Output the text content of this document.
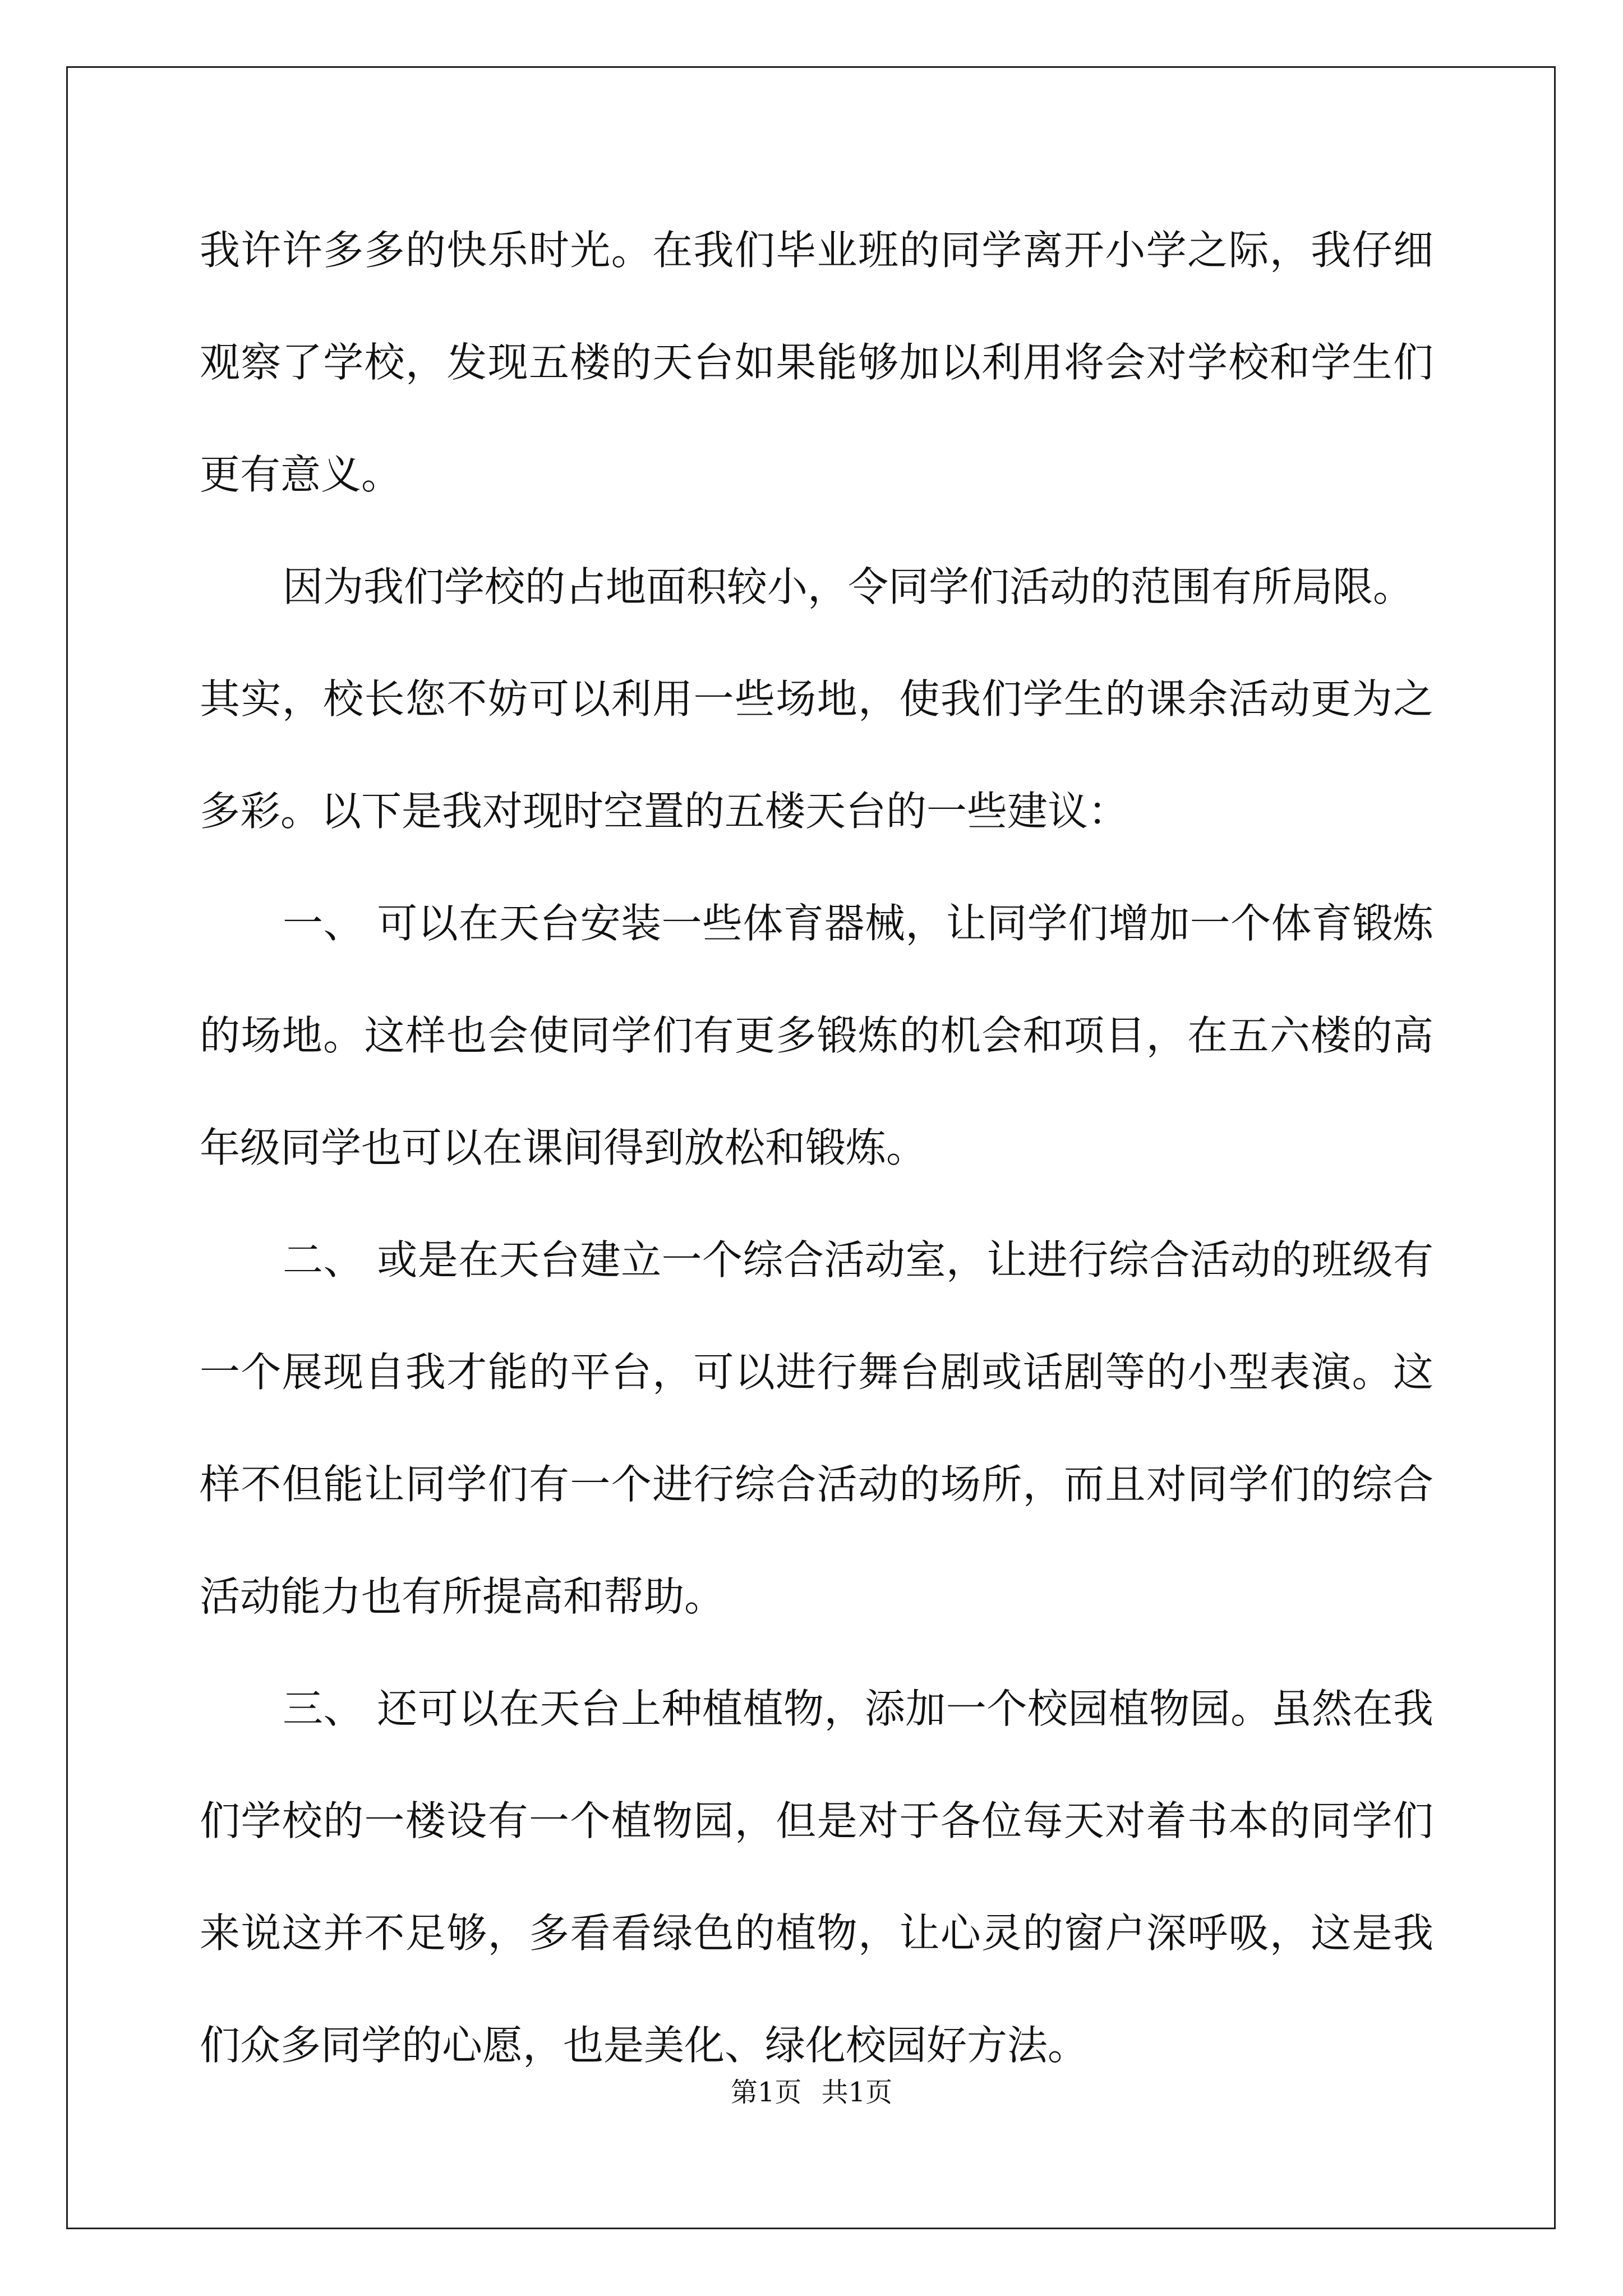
我许许多多的快乐时光。在我们毕业班的同学离开小学之际，我仔细
观察了学校，发现五楼的天台如果能够加以利用将会对学校和学生们
更有意义。
因为我们学校的占地面积较小，令同学们活动的范围有所局限。
其实，校长您不妨可以利用一些场地，使我们学生的课余活动更为之
多彩。以下是我对现时空置的五楼天台的一些建议：
一、 可以在天台安装一些体育器械，让同学们增加一个体育锻炼
的场地。这样也会使同学们有更多锻炼的机会和项目，在五六楼的高
年级同学也可以在课间得到放松和锻炼。
二、 或是在天台建立一个综合活动室，让进行综合活动的班级有
一个展现自我才能的平台，可以进行舞台剧或话剧等的小型表演。这
样不但能让同学们有一个进行综合活动的场所，而且对同学们的综合
活动能力也有所提高和帮助。
三、 还可以在天台上种植植物，添加一个校园植物园。虽然在我
们学校的一楼设有一个植物园，但是对于各位每天对着书本的同学们
来说这并不足够，多看看绿色的植物，让心灵的窗户深呼吸，这是我
们众多同学的心愿，也是美化、绿化校园好方法。
第1页 共1页
